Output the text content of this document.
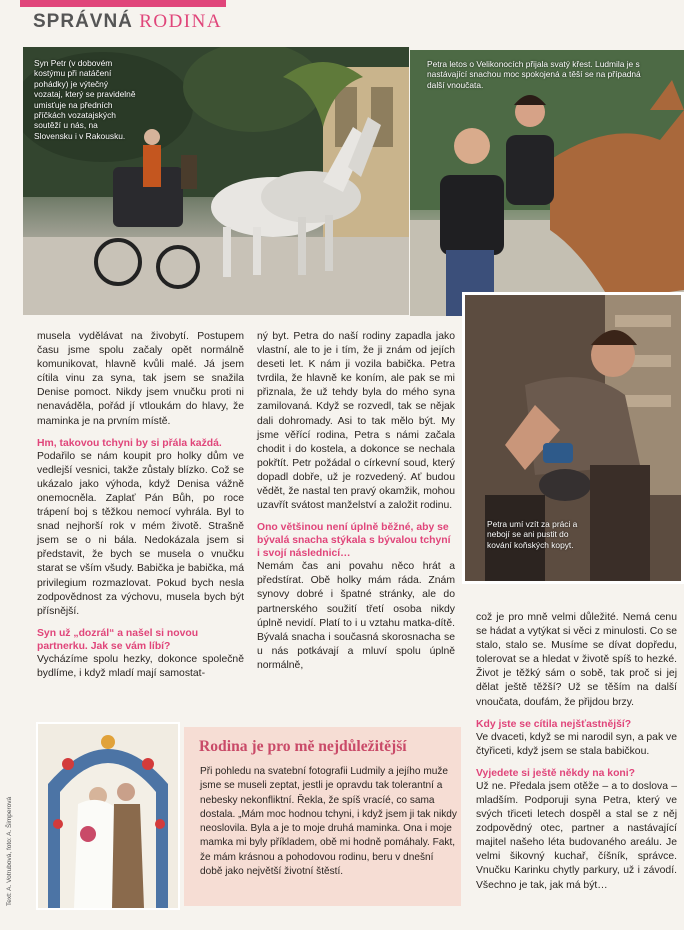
SPRÁVNÁ RODINA
Syn Petr (v dobovém kostýmu při natáčení pohádky) je výtečný vozataj, který se pravidelně umisťuje na předních příčkách vozatajských soutěží u nás, na Slovensku i v Rakousku.
Petra letos o Velikonocích přijala svatý křest. Ludmila je s nastávající snachou moc spokojená a těší se na případná další vnoučata.
Petra umí vzít za práci a nebojí se ani pustit do kování koňských kopyt.

musela vydělávat na živobytí. Postupem času jsme spolu začaly opět normálně komunikovat, hlavně kvůli malé. Já jsem cítila vinu za syna, tak jsem se snažila Denise pomoct. Nikdy jsem vnučku proti ni nenaváděla, pořád jí vtloukám do hlavy, že maminka je na prvním místě.

Hm, takovou tchyni by si přála každá.

Podařilo se nám koupit pro holky dům ve vedlejší vesnici, takže zůstaly blízko. Což se ukázalo jako výhoda, když Denisa vážně onemocněla. Zaplať Pán Bůh, po roce trápení boj s těžkou nemocí vyhrála. Byl to snad nejhorší rok v mém životě. Strašně jsem se o ni bála. Nedokázala jsem si představit, že bych se musela o vnučku starat se vším všudy. Babička je babička, má privilegium rozmazlovat. Pokud bych nesla zodpovědnost za výchovu, musela bych být přísnější.

Syn už „dozrál“ a našel si novou partnerku. Jak se vám líbí?

Vycházíme spolu hezky, dokonce společně bydlíme, i když mladí mají samostat-

ný byt. Petra do naší rodiny zapadla jako vlastní, ale to je i tím, že ji znám od jejích deseti let. K nám ji vozila babička. Petra tvrdila, že hlavně ke koním, ale pak se mi přiznala, že už tehdy byla do mého syna zamilovaná. Když se rozvedl, tak se nějak dali dohromady. Asi to tak mělo být. My jsme věřící rodina, Petra s námi začala chodit i do kostela, a dokonce se nechala pokřtít. Petr požádal o církevní soud, který dopadl dobře, už je rozvedený. Ať budou vědět, že nastal ten pravý okamžik, mohou uzavřít svátost manželství a založit rodinu.

Ono většinou není úplně běžné, aby se bývalá snacha stýkala s bývalou tchyní i svojí následnicí…

Nemám čas ani povahu něco hrát a předstírat. Obě holky mám ráda. Znám synovy dobré i špatné stránky, ale do partnerského soužití třetí osoba nikdy úplně nevidí. Platí to i u vztahu matka-dítě. Bývalá snacha i současná skorosnacha se u nás potkávají a mluví spolu úplně normálně,

což je pro mně velmi důležité. Nemá cenu se hádat a vytýkat si věci z minulosti. Co se stalo, stalo se. Musíme se dívat dopředu, tolerovat se a hledat v životě spíš to hezké. Život je těžký sám o sobě, tak proč si jej dělat ještě těžší? Už se těším na další vnoučata, doufám, že přijdou brzy.

Kdy jste se cítila nejšťastnější?

Ve dvaceti, když se mi narodil syn, a pak ve čtyřiceti, když jsem se stala babičkou.

Vyjedete si ještě někdy na koni?

Už ne. Předala jsem otěže – a to doslova – mladším. Podporuji syna Petra, který ve svých třiceti letech dospěl a stal se z něj zodpovědný otec, partner a nastávající majitel našeho léta budovaného areálu. Je velmi šikovný kuchař, číšník, správce. Vnučku Karinku chytly parkury, už i závodí. Všechno je tak, jak má být…

Rodina je pro mě nejdůležitější

Při pohledu na svatební fotografii Ludmily a jejího muže jsme se museli zeptat, jestli je opravdu tak tolerantní a nebesky nekonfliktní. Řekla, že spíš vracíé, co sama dostala. „Mám moc hodnou tchyni, i když jsem ji tak nikdy neoslovila. Byla a je to moje druhá maminka. Ona i moje mamka mi byly příkladem, obě mi hodně pomáhaly. Fakt, že mám krásnou a pohodovou rodinu, beru v dnešní době jako největší životní štěstí.

Text: A. Votrubová, foto: A. Šimperová
